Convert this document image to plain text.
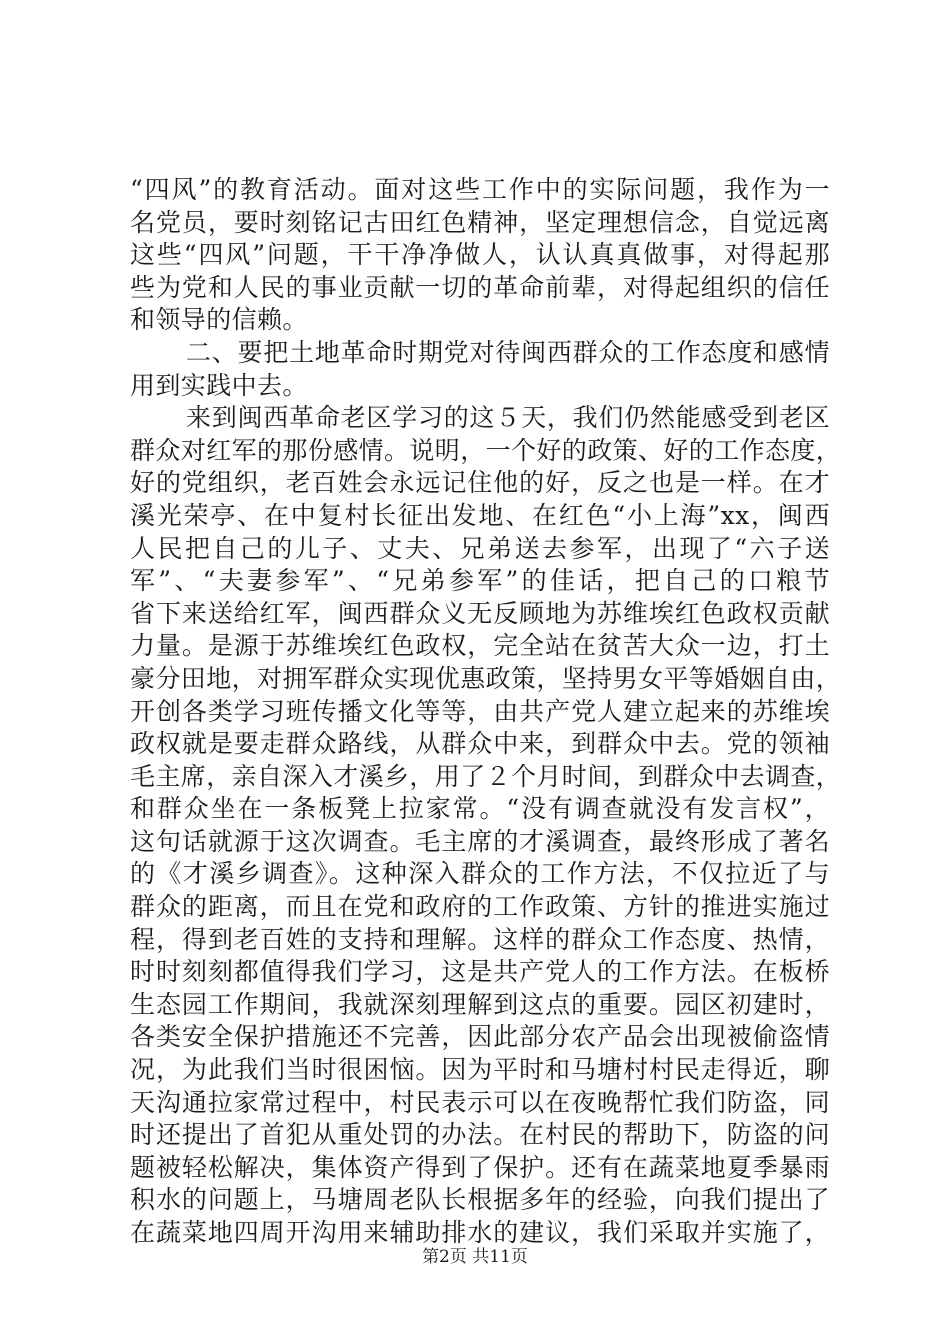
“四风”的教育活动。面对这些工作中的实际问题，我作为一
名党员，要时刻铭记古田红色精神，坚定理想信念，自觉远离
这些“四风”问题，干干净净做人，认认真真做事，对得起那
些为党和人民的事业贡献一切的革命前辈，对得起组织的信任
和领导的信赖。
二、要把土地革命时期党对待闽西群众的工作态度和感情
用到实践中去。
来到闽西革命老区学习的这５天，我们仍然能感受到老区
群众对红军的那份感情。说明，一个好的政策、好的工作态度，
好的党组织，老百姓会永远记住他的好，反之也是一样。在才
溪光荣亭、在中复村长征出发地、在红色“小上海”xx，闽西
人民把自己的儿子、丈夫、兄弟送去参军，出现了“六子送
军”、“夫妻参军”、“兄弟参军”的佳话，把自己的口粮节
省下来送给红军，闽西群众义无反顾地为苏维埃红色政权贡献
力量。是源于苏维埃红色政权，完全站在贫苦大众一边，打土
豪分田地，对拥军群众实现优惠政策，坚持男女平等婚姻自由，
开创各类学习班传播文化等等，由共产党人建立起来的苏维埃
政权就是要走群众路线，从群众中来，到群众中去。党的领袖
毛主席，亲自深入才溪乡，用了２个月时间，到群众中去调查，
和群众坐在一条板凳上拉家常。“没有调查就没有发言权”，
这句话就源于这次调查。毛主席的才溪调查，最终形成了著名
的《才溪乡调查》。这种深入群众的工作方法，不仅拉近了与
群众的距离，而且在党和政府的工作政策、方针的推进实施过
程，得到老百姓的支持和理解。这样的群众工作态度、热情，
时时刻刻都值得我们学习，这是共产党人的工作方法。在板桥
生态园工作期间，我就深刻理解到这点的重要。园区初建时，
各类安全保护措施还不完善，因此部分农产品会出现被偷盗情
况，为此我们当时很困恼。因为平时和马塘村村民走得近，聊
天沟通拉家常过程中，村民表示可以在夜晚帮忙我们防盗，同
时还提出了首犯从重处罚的办法。在村民的帮助下，防盗的问
题被轻松解决，集体资产得到了保护。还有在蔬菜地夏季暴雨
积水的问题上，马塘周老队长根据多年的经验，向我们提出了
在蔬菜地四周开沟用来辅助排水的建议，我们采取并实施了，
第2页 共11页
